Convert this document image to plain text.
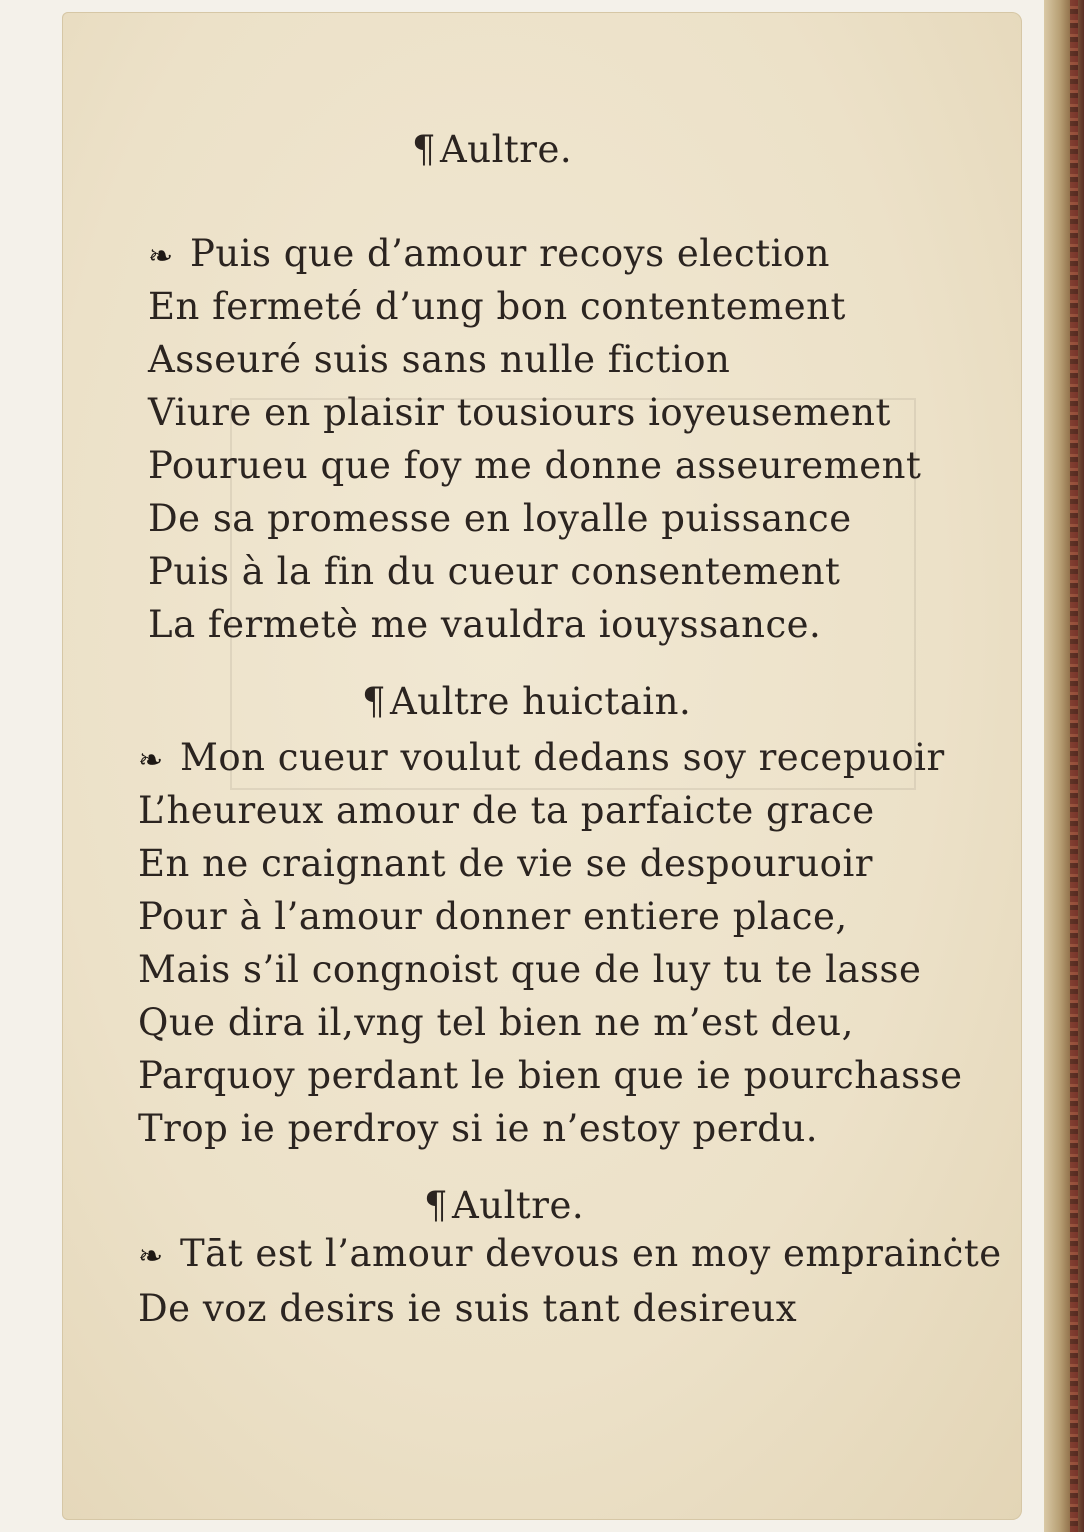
¶ Aultre.
❧ Puis que d’amour recoys election
En fermeté d’ung bon contentement
Asseuré suis sans nulle fiction
Viure en plaisir tousiours ioyeusement
Pourueu que foy me donne asseurement
De sa promesse en loyalle puissance
Puis à la fin du cueur consentement
La fermetè me vauldra iouyssance.
¶ Aultre huictain.
❧ Mon cueur voulut dedans soy recepuoir
L’heureux amour de ta parfaicte grace
En ne craignant de vie se despouruoir
Pour à l’amour donner entiere place,
Mais s’il congnoist que de luy tu te lasse
Que dira il,vng tel bien ne m’est deu,
Parquoy perdant le bien que ie pourchasse
Trop ie perdroy si ie n’estoy perdu.
¶ Aultre.
❧ Tāt est l’amour devous en moy emprainċte
De voz desirs ie suis tant desireux
